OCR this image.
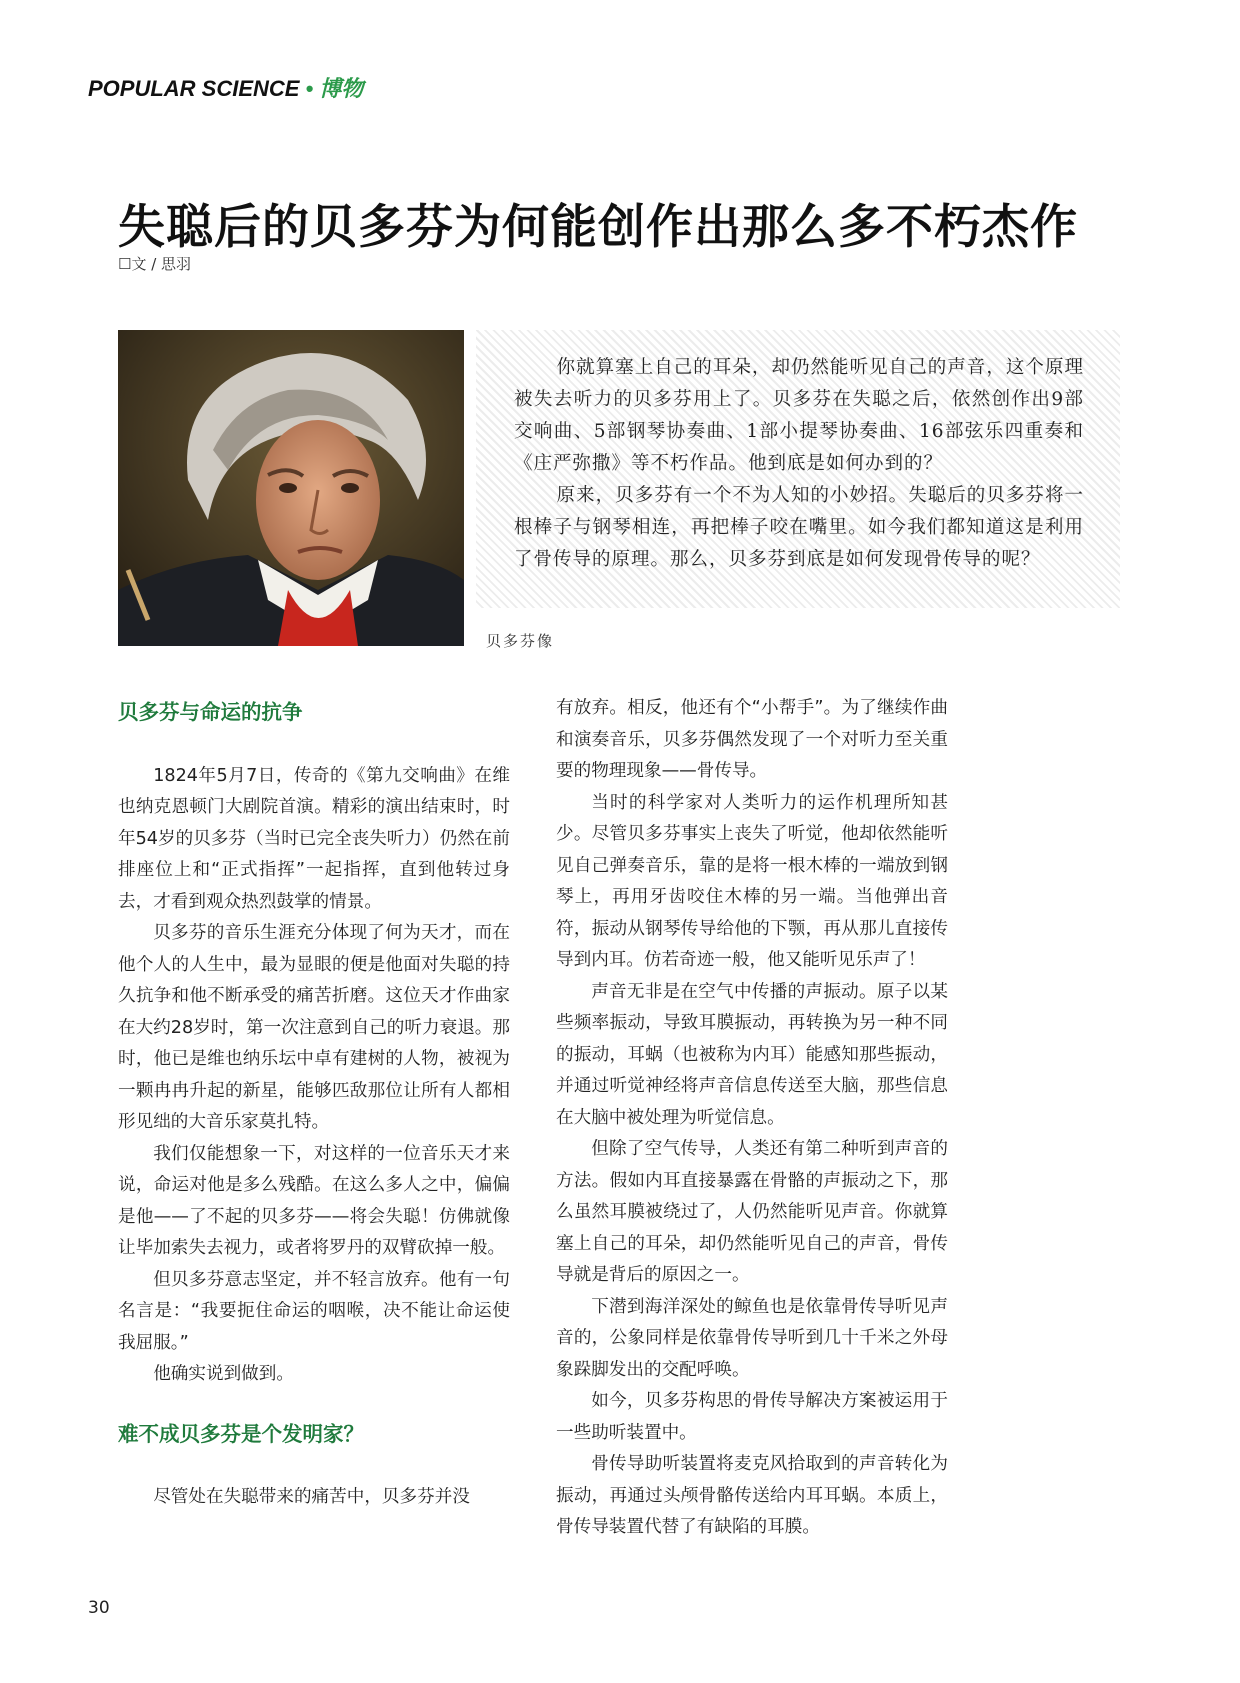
POPULAR SCIENCE • 博物
失聪后的贝多芬为何能创作出那么多不朽杰作
☐文 / 思羽

你就算塞上自己的耳朵，却仍然能听见自己的声音，这个原理被失去听力的贝多芬用上了。贝多芬在失聪之后，依然创作出9部交响曲、5部钢琴协奏曲、1部小提琴协奏曲、16部弦乐四重奏和《庄严弥撒》等不朽作品。他到底是如何办到的？

原来，贝多芬有一个不为人知的小妙招。失聪后的贝多芬将一根棒子与钢琴相连，再把棒子咬在嘴里。如今我们都知道这是利用了骨传导的原理。那么，贝多芬到底是如何发现骨传导的呢？

贝多芬像
贝多芬与命运的抗争

1824年5月7日，传奇的《第九交响曲》在维也纳克恩顿门大剧院首演。精彩的演出结束时，时年54岁的贝多芬（当时已完全丧失听力）仍然在前排座位上和“正式指挥”一起指挥，直到他转过身去，才看到观众热烈鼓掌的情景。

贝多芬的音乐生涯充分体现了何为天才，而在他个人的人生中，最为显眼的便是他面对失聪的持久抗争和他不断承受的痛苦折磨。这位天才作曲家在大约28岁时，第一次注意到自己的听力衰退。那时，他已是维也纳乐坛中卓有建树的人物，被视为一颗冉冉升起的新星，能够匹敌那位让所有人都相形见绌的大音乐家莫扎特。

我们仅能想象一下，对这样的一位音乐天才来说，命运对他是多么残酷。在这么多人之中，偏偏是他——了不起的贝多芬——将会失聪！仿佛就像让毕加索失去视力，或者将罗丹的双臂砍掉一般。

但贝多芬意志坚定，并不轻言放弃。他有一句名言是：“我要扼住命运的咽喉，决不能让命运使我屈服。”

他确实说到做到。

难不成贝多芬是个发明家？

尽管处在失聪带来的痛苦中，贝多芬并没

有放弃。相反，他还有个“小帮手”。为了继续作曲和演奏音乐，贝多芬偶然发现了一个对听力至关重要的物理现象——骨传导。

当时的科学家对人类听力的运作机理所知甚少。尽管贝多芬事实上丧失了听觉，他却依然能听见自己弹奏音乐，靠的是将一根木棒的一端放到钢琴上，再用牙齿咬住木棒的另一端。当他弹出音符，振动从钢琴传导给他的下颚，再从那儿直接传导到内耳。仿若奇迹一般，他又能听见乐声了！

声音无非是在空气中传播的声振动。原子以某些频率振动，导致耳膜振动，再转换为另一种不同的振动，耳蜗（也被称为内耳）能感知那些振动，并通过听觉神经将声音信息传送至大脑，那些信息在大脑中被处理为听觉信息。

但除了空气传导，人类还有第二种听到声音的方法。假如内耳直接暴露在骨骼的声振动之下，那么虽然耳膜被绕过了，人仍然能听见声音。你就算塞上自己的耳朵，却仍然能听见自己的声音，骨传导就是背后的原因之一。

下潜到海洋深处的鲸鱼也是依靠骨传导听见声音的，公象同样是依靠骨传导听到几十千米之外母象跺脚发出的交配呼唤。

如今，贝多芬构思的骨传导解决方案被运用于一些助听装置中。

骨传导助听装置将麦克风拾取到的声音转化为振动，再通过头颅骨骼传送给内耳耳蜗。本质上，骨传导装置代替了有缺陷的耳膜。

30
